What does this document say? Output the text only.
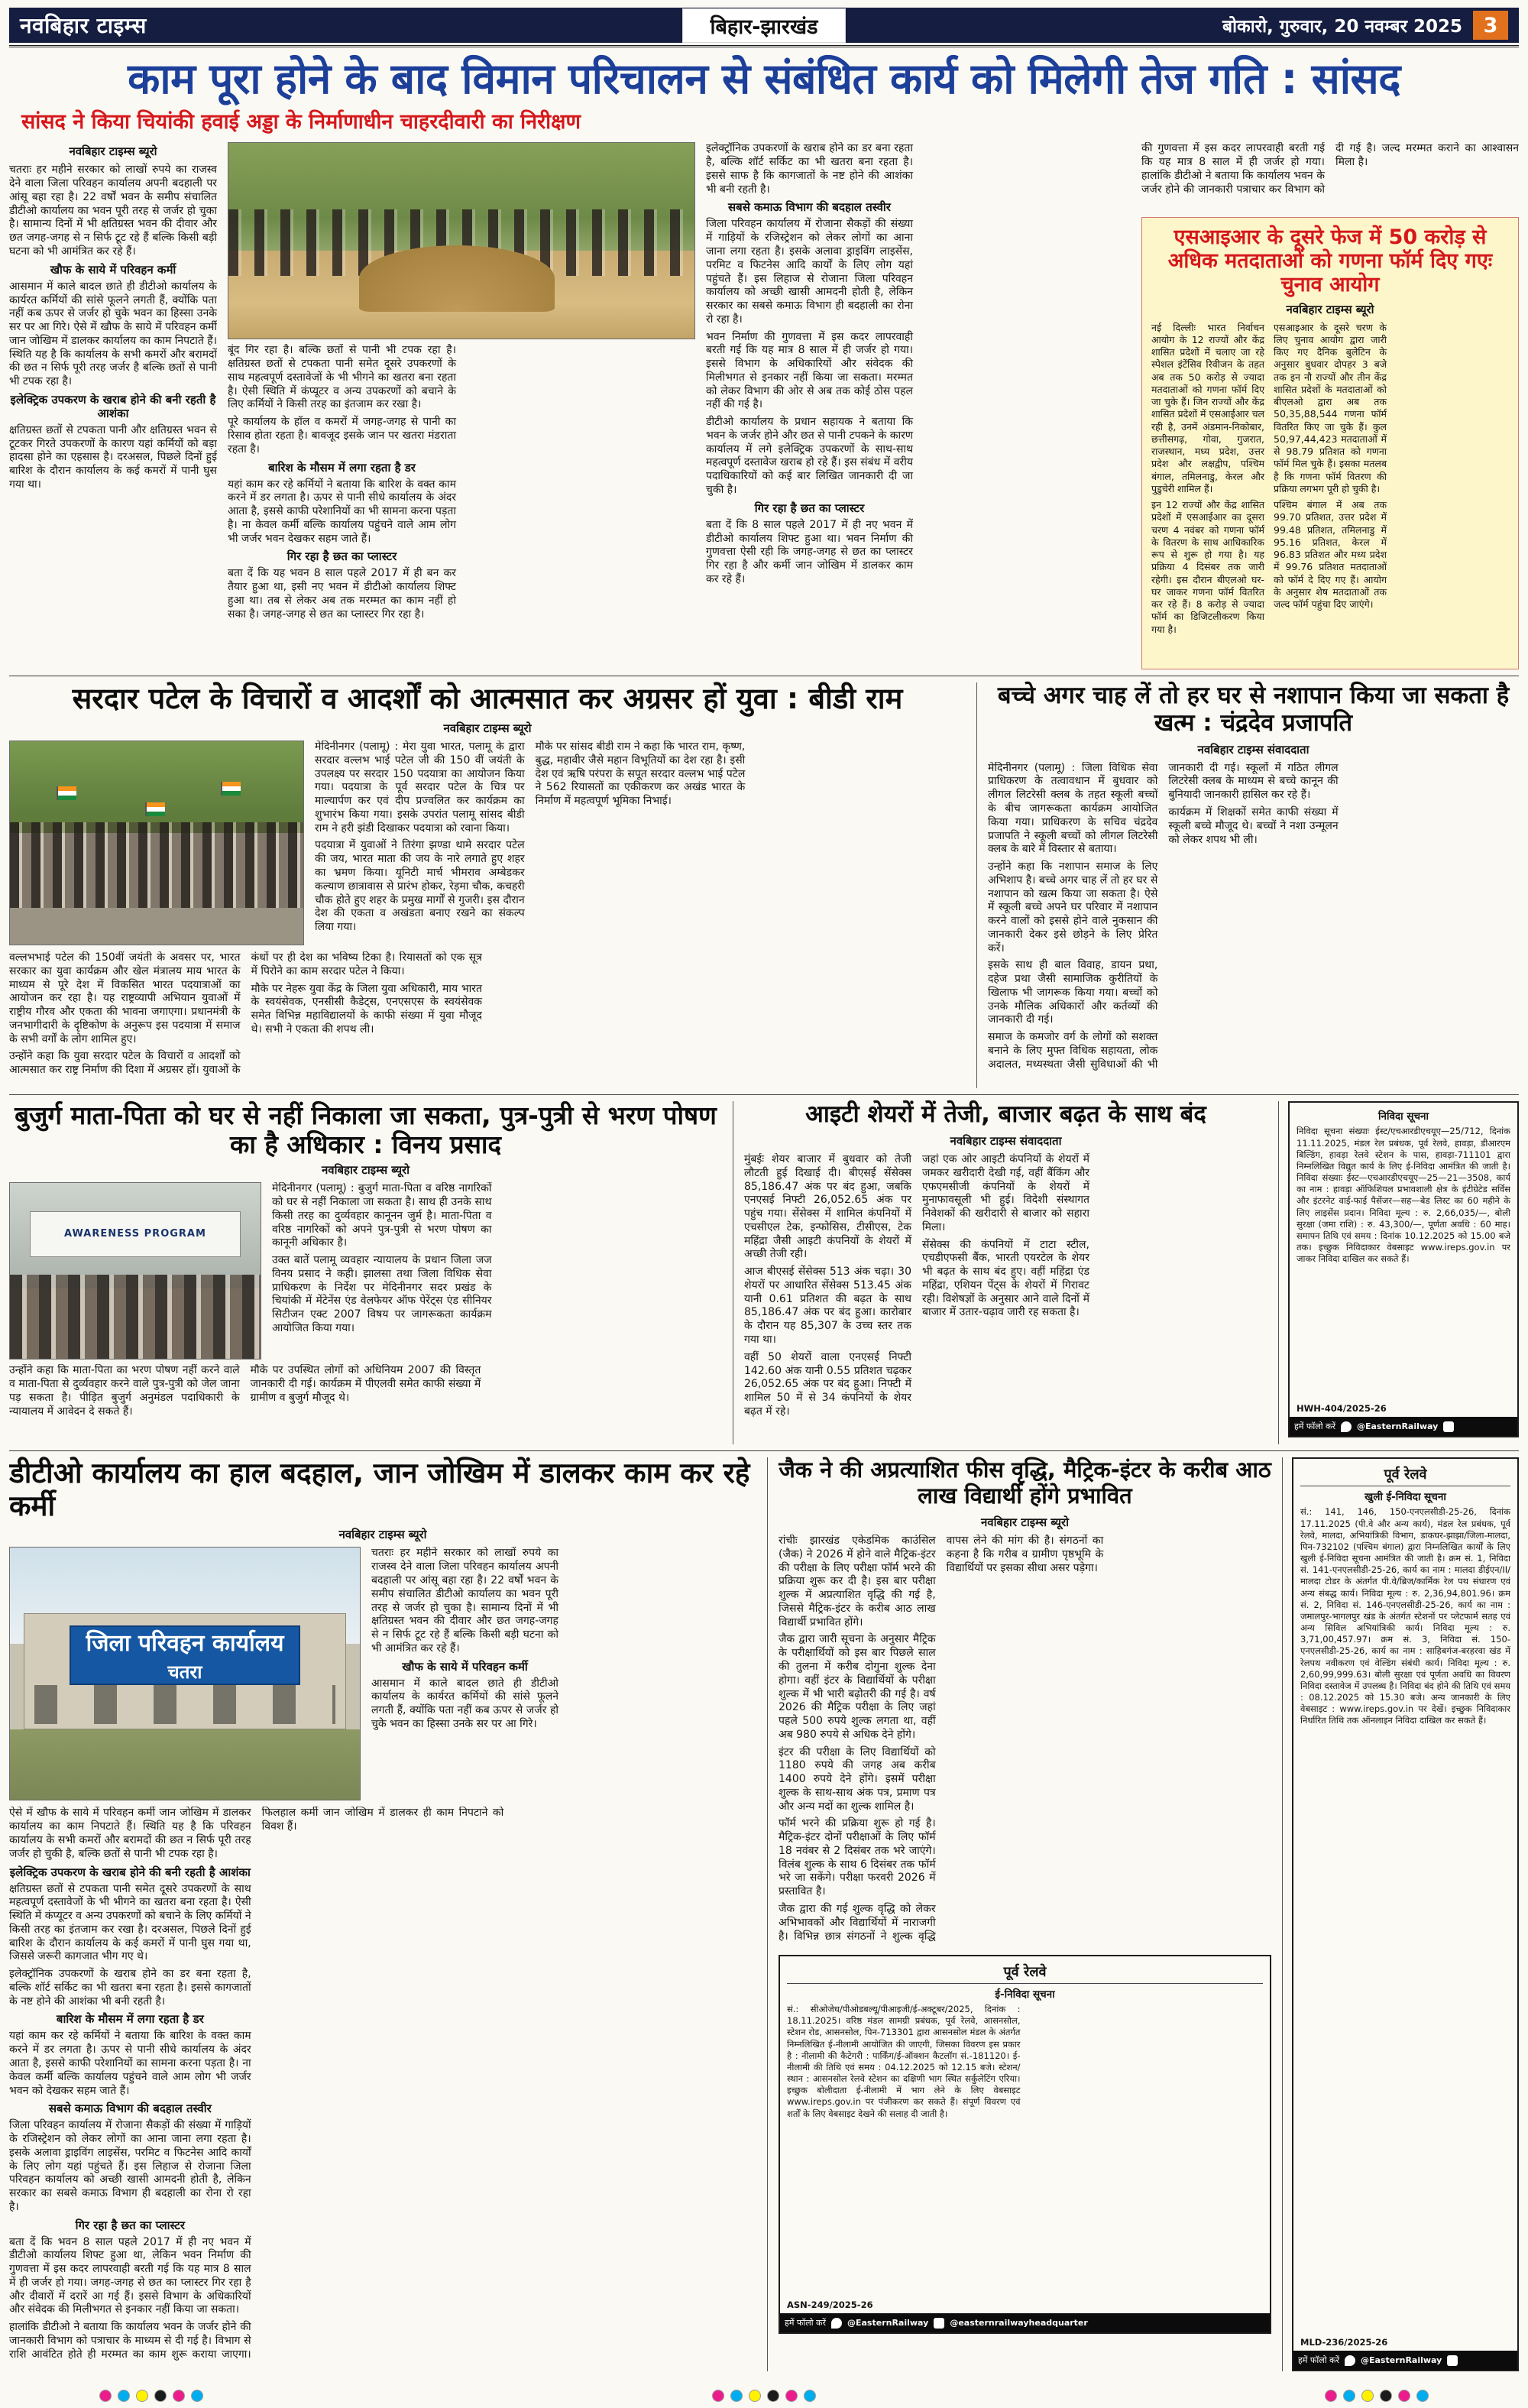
नवबिहार टाइम्स	बिहार-झारखंड	बोकारो, गुरुवार, 20 नवम्बर 2025	3
काम पूरा होने के बाद विमान परिचालन से संबंधित कार्य को मिलेगी तेज गति : सांसद
सांसद ने किया चियांकी हवाई अड्डा के निर्माणाधीन चाहरदीवारी का निरीक्षण
नवबिहार टाइम्स ब्यूरो

चतराः हर महीने सरकार को लाखों रुपये का राजस्व देने वाला जिला परिवहन कार्यालय अपनी बदहाली पर आंसू बहा रहा है। 22 वर्षों भवन के समीप संचालित डीटीओ कार्यालय का भवन पूरी तरह से जर्जर हो चुका है। सामान्य दिनों में भी क्षतिग्रस्त भवन की दीवार और छत जगह-जगह से न सिर्फ टूट रहे हैं बल्कि किसी बड़ी घटना को भी आमंत्रित कर रहे हैं।

खौफ के साये में परिवहन कर्मी

आसमान में काले बादल छाते ही डीटीओ कार्यालय के कार्यरत कर्मियों की सांसे फूलने लगती हैं, क्योंकि पता नहीं कब ऊपर से जर्जर हो चुके भवन का हिस्सा उनके सर पर आ गिरे। ऐसे में खौफ के साये में परिवहन कर्मी जान जोखिम में डालकर कार्यालय का काम निपटाते हैं। स्थिति यह है कि कार्यालय के सभी कमरों और बरामदों की छत न सिर्फ पूरी तरह जर्जर है बल्कि छतों से पानी भी टपक रहा है।

इलेक्ट्रिक उपकरण के खराब होने की बनी रहती है आशंका

क्षतिग्रस्त छतों से टपकता पानी और क्षतिग्रस्त भवन से टूटकर गिरते उपकरणों के कारण यहां कर्मियों को बड़ा हादसा होने का एहसास है। दरअसल, पिछले दिनों हुई बारिश के दौरान कार्यालय के कई कमरों में पानी घुस गया था।

बूंद गिर रहा है। बल्कि छतों से पानी भी टपक रहा है। क्षतिग्रस्त छतों से टपकता पानी समेत दूसरे उपकरणों के साथ महत्वपूर्ण दस्तावेजों के भी भीगने का खतरा बना रहता है। ऐसी स्थिति में कंप्यूटर व अन्य उपकरणों को बचाने के लिए कर्मियों ने किसी तरह का इंतजाम कर रखा है।

पूरे कार्यालय के हॉल व कमरों में जगह-जगह से पानी का रिसाव होता रहता है। बावजूद इसके जान पर खतरा मंडराता रहता है।

बारिश के मौसम में लगा रहता है डर

यहां काम कर रहे कर्मियों ने बताया कि बारिश के वक्त काम करने में डर लगता है। ऊपर से पानी सीधे कार्यालय के अंदर आता है, इससे काफी परेशानियों का भी सामना करना पड़ता है। ना केवल कर्मी बल्कि कार्यालय पहुंचने वाले आम लोग भी जर्जर भवन देखकर सहम जाते हैं।

गिर रहा है छत का प्लास्टर

बता दें कि यह भवन 8 साल पहले 2017 में ही बन कर तैयार हुआ था, इसी नए भवन में डीटीओ कार्यालय शिफ्ट हुआ था। तब से लेकर अब तक मरम्मत का काम नहीं हो सका है। जगह-जगह से छत का प्लास्टर गिर रहा है।

इलेक्ट्रॉनिक उपकरणों के खराब होने का डर बना रहता है, बल्कि शॉर्ट सर्किट का भी खतरा बना रहता है। इससे साफ है कि कागजातों के नष्ट होने की आशंका भी बनी रहती है।

सबसे कमाऊ विभाग की बदहाल तस्वीर

जिला परिवहन कार्यालय में रोजाना सैकड़ों की संख्या में गाड़ियों के रजिस्ट्रेशन को लेकर लोगों का आना जाना लगा रहता है। इसके अलावा ड्राइविंग लाइसेंस, परमिट व फिटनेस आदि कार्यों के लिए लोग यहां पहुंचते हैं। इस लिहाज से रोजाना जिला परिवहन कार्यालय को अच्छी खासी आमदनी होती है, लेकिन सरकार का सबसे कमाऊ विभाग ही बदहाली का रोना रो रहा है।

भवन निर्माण की गुणवत्ता में इस कदर लापरवाही बरती गई कि यह मात्र 8 साल में ही जर्जर हो गया। इससे विभाग के अधिकारियों और संवेदक की मिलीभगत से इनकार नहीं किया जा सकता। मरम्मत को लेकर विभाग की ओर से अब तक कोई ठोस पहल नहीं की गई है।

डीटीओ कार्यालय के प्रधान सहायक ने बताया कि भवन के जर्जर होने और छत से पानी टपकने के कारण कार्यालय में लगे इलेक्ट्रिक उपकरणों के साथ-साथ महत्वपूर्ण दस्तावेज खराब हो रहे हैं। इस संबंध में वरीय पदाधिकारियों को कई बार लिखित जानकारी दी जा चुकी है।

गिर रहा है छत का प्लास्टर

बता दें कि 8 साल पहले 2017 में ही नए भवन में डीटीओ कार्यालय शिफ्ट हुआ था। भवन निर्माण की गुणवत्ता ऐसी रही कि जगह-जगह से छत का प्लास्टर गिर रहा है और कर्मी जान जोखिम में डालकर काम कर रहे हैं।

की गुणवत्ता में इस कदर लापरवाही बरती गई कि यह मात्र 8 साल में ही जर्जर हो गया। हालांकि डीटीओ ने बताया कि कार्यालय भवन के जर्जर होने की जानकारी पत्राचार कर विभाग को दी गई है। जल्द मरम्मत कराने का आश्वासन मिला है।

एसआइआर के दूसरे फेज में 50 करोड़ से अधिक मतदाताओं को गणना फॉर्म दिए गएः चुनाव आयोग
नवबिहार टाइम्स ब्यूरो

नई दिल्लीः भारत निर्वाचन आयोग के 12 राज्यों और केंद्र शासित प्रदेशों में चलाए जा रहे स्पेशल इंटेंसिव रिवीजन के तहत अब तक 50 करोड़ से ज्यादा मतदाताओं को गणना फॉर्म दिए जा चुके हैं। जिन राज्यों और केंद्र शासित प्रदेशों में एसआईआर चल रही है, उनमें अंडमान-निकोबार, छत्तीसगढ़, गोवा, गुजरात, राजस्थान, मध्य प्रदेश, उत्तर प्रदेश और लक्षद्वीप, पश्चिम बंगाल, तमिलनाडु, केरल और पुडुचेरी शामिल हैं।

इन 12 राज्यों और केंद्र शासित प्रदेशों में एसआईआर का दूसरा चरण 4 नवंबर को गणना फॉर्म के वितरण के साथ आधिकारिक रूप से शुरू हो गया है। यह प्रक्रिया 4 दिसंबर तक जारी रहेगी। इस दौरान बीएलओ घर-घर जाकर गणना फॉर्म वितरित कर रहे हैं। 8 करोड़ से ज्यादा फॉर्म का डिजिटलीकरण किया गया है।

एसआइआर के दूसरे चरण के लिए चुनाव आयोग द्वारा जारी किए गए दैनिक बुलेटिन के अनुसार बुधवार दोपहर 3 बजे तक इन नौ राज्यों और तीन केंद्र शासित प्रदेशों के मतदाताओं को बीएलओ द्वारा अब तक 50,35,88,544 गणना फॉर्म वितरित किए जा चुके हैं। कुल 50,97,44,423 मतदाताओं में से 98.79 प्रतिशत को गणना फॉर्म मिल चुके हैं। इसका मतलब है कि गणना फॉर्म वितरण की प्रक्रिया लगभग पूरी हो चुकी है।

पश्चिम बंगाल में अब तक 99.70 प्रतिशत, उत्तर प्रदेश में 99.48 प्रतिशत, तमिलनाडु में 95.16 प्रतिशत, केरल में 96.83 प्रतिशत और मध्य प्रदेश में 99.76 प्रतिशत मतदाताओं को फॉर्म दे दिए गए हैं। आयोग के अनुसार शेष मतदाताओं तक जल्द फॉर्म पहुंचा दिए जाएंगे।

सरदार पटेल के विचारों व आदर्शों को आत्मसात कर अग्रसर हों युवा : बीडी राम
नवबिहार टाइम्स ब्यूरो

मेदिनीनगर (पलामू) : मेरा युवा भारत, पलामू के द्वारा सरदार वल्लभ भाई पटेल जी की 150 वीं जयंती के उपलक्ष्य पर सरदार 150 पदयात्रा का आयोजन किया गया। पदयात्रा के पूर्व सरदार पटेल के चित्र पर माल्यार्पण कर एवं दीप प्रज्वलित कर कार्यक्रम का शुभारंभ किया गया। इसके उपरांत पलामू सांसद बीडी राम ने हरी झंडी दिखाकर पदयात्रा को रवाना किया।

पदयात्रा में युवाओं ने तिरंगा झण्डा थामे सरदार पटेल की जय, भारत माता की जय के नारे लगाते हुए शहर का भ्रमण किया। यूनिटी मार्च भीमराव अम्बेडकर कल्याण छात्रावास से प्रारंभ होकर, रेड़मा चौक, कचहरी चौक होते हुए शहर के प्रमुख मार्गों से गुजरी। इस दौरान देश की एकता व अखंडता बनाए रखने का संकल्प लिया गया।

मौके पर सांसद बीडी राम ने कहा कि भारत राम, कृष्ण, बुद्ध, महावीर जैसे महान विभूतियों का देश रहा है। इसी देश एवं ऋषि परंपरा के सपूत सरदार वल्लभ भाई पटेल ने 562 रियासतों का एकीकरण कर अखंड भारत के निर्माण में महत्वपूर्ण भूमिका निभाई।

वल्लभभाई पटेल की 150वीं जयंती के अवसर पर, भारत सरकार का युवा कार्यक्रम और खेल मंत्रालय माय भारत के माध्यम से पूरे देश में विकसित भारत पदयात्राओं का आयोजन कर रहा है। यह राष्ट्रव्यापी अभियान युवाओं में राष्ट्रीय गौरव और एकता की भावना जगाएगा। प्रधानमंत्री के जनभागीदारी के दृष्टिकोण के अनुरूप इस पदयात्रा में समाज के सभी वर्गों के लोग शामिल हुए।

उन्होंने कहा कि युवा सरदार पटेल के विचारों व आदर्शों को आत्मसात कर राष्ट्र निर्माण की दिशा में अग्रसर हों। युवाओं के कंधों पर ही देश का भविष्य टिका है। रियासतों को एक सूत्र में पिरोने का काम सरदार पटेल ने किया।

मौके पर नेहरू युवा केंद्र के जिला युवा अधिकारी, माय भारत के स्वयंसेवक, एनसीसी कैडेट्स, एनएसएस के स्वयंसेवक समेत विभिन्न महाविद्यालयों के काफी संख्या में युवा मौजूद थे। सभी ने एकता की शपथ ली।

बच्चे अगर चाह लें तो हर घर से नशापान किया जा सकता है खत्म : चंद्रदेव प्रजापति
नवबिहार टाइम्स संवाददाता

मेदिनीनगर (पलामू) : जिला विधिक सेवा प्राधिकरण के तत्वावधान में बुधवार को लीगल लिटरेसी क्लब के तहत स्कूली बच्चों के बीच जागरूकता कार्यक्रम आयोजित किया गया। प्राधिकरण के सचिव चंद्रदेव प्रजापति ने स्कूली बच्चों को लीगल लिटरेसी क्लब के बारे में विस्तार से बताया।

उन्होंने कहा कि नशापान समाज के लिए अभिशाप है। बच्चे अगर चाह लें तो हर घर से नशापान को खत्म किया जा सकता है। ऐसे में स्कूली बच्चे अपने घर परिवार में नशापान करने वालों को इससे होने वाले नुकसान की जानकारी देकर इसे छोड़ने के लिए प्रेरित करें।

इसके साथ ही बाल विवाह, डायन प्रथा, दहेज प्रथा जैसी सामाजिक कुरीतियों के खिलाफ भी जागरूक किया गया। बच्चों को उनके मौलिक अधिकारों और कर्तव्यों की जानकारी दी गई।

समाज के कमजोर वर्ग के लोगों को सशक्त बनाने के लिए मुफ्त विधिक सहायता, लोक अदालत, मध्यस्थता जैसी सुविधाओं की भी जानकारी दी गई। स्कूलों में गठित लीगल लिटरेसी क्लब के माध्यम से बच्चे कानून की बुनियादी जानकारी हासिल कर रहे हैं।

कार्यक्रम में शिक्षकों समेत काफी संख्या में स्कूली बच्चे मौजूद थे। बच्चों ने नशा उन्मूलन को लेकर शपथ भी ली।

बुजुर्ग माता-पिता को घर से नहीं निकाला जा सकता, पुत्र-पुत्री से भरण पोषण का है अधिकार : विनय प्रसाद
नवबिहार टाइम्स ब्यूरो
AWARENESS PROGRAM

मेदिनीनगर (पलामू) : बुजुर्ग माता-पिता व वरिष्ठ नागरिकों को घर से नहीं निकाला जा सकता है। साथ ही उनके साथ किसी तरह का दुर्व्यवहार कानूनन जुर्म है। माता-पिता व वरिष्ठ नागरिकों को अपने पुत्र-पुत्री से भरण पोषण का कानूनी अधिकार है।

उक्त बातें पलामू व्यवहार न्यायालय के प्रधान जिला जज विनय प्रसाद ने कही। झालसा तथा जिला विधिक सेवा प्राधिकरण के निर्देश पर मेदिनीनगर सदर प्रखंड के चियांकी में मेंटेनेंस एंड वेलफेयर ऑफ पेरेंट्स एंड सीनियर सिटीजन एक्ट 2007 विषय पर जागरूकता कार्यक्रम आयोजित किया गया।

उन्होंने कहा कि माता-पिता का भरण पोषण नहीं करने वाले व माता-पिता से दुर्व्यवहार करने वाले पुत्र-पुत्री को जेल जाना पड़ सकता है। पीड़ित बुजुर्ग अनुमंडल पदाधिकारी के न्यायालय में आवेदन दे सकते हैं।

मौके पर उपस्थित लोगों को अधिनियम 2007 की विस्तृत जानकारी दी गई। कार्यक्रम में पीएलवी समेत काफी संख्या में ग्रामीण व बुजुर्ग मौजूद थे।

आइटी शेयरों में तेजी, बाजार बढ़त के साथ बंद
नवबिहार टाइम्स संवाददाता

मुंबईः शेयर बाजार में बुधवार को तेजी लौटती हुई दिखाई दी। बीएसई सेंसेक्स 85,186.47 अंक पर बंद हुआ, जबकि एनएसई निफ्टी 26,052.65 अंक पर पहुंच गया। सेंसेक्स में शामिल कंपनियों में एचसीएल टेक, इन्फोसिस, टीसीएस, टेक महिंद्रा जैसी आइटी कंपनियों के शेयरों में अच्छी तेजी रही।

आज बीएसई सेंसेक्स 513 अंक चढ़ा। 30 शेयरों पर आधारित सेंसेक्स 513.45 अंक यानी 0.61 प्रतिशत की बढ़त के साथ 85,186.47 अंक पर बंद हुआ। कारोबार के दौरान यह 85,307 के उच्च स्तर तक गया था।

वहीं 50 शेयरों वाला एनएसई निफ्टी 142.60 अंक यानी 0.55 प्रतिशत चढ़कर 26,052.65 अंक पर बंद हुआ। निफ्टी में शामिल 50 में से 34 कंपनियों के शेयर बढ़त में रहे।

जहां एक ओर आइटी कंपनियों के शेयरों में जमकर खरीदारी देखी गई, वहीं बैंकिंग और एफएमसीजी कंपनियों के शेयरों में मुनाफावसूली भी हुई। विदेशी संस्थागत निवेशकों की खरीदारी से बाजार को सहारा मिला।

सेंसेक्स की कंपनियों में टाटा स्टील, एचडीएफसी बैंक, भारती एयरटेल के शेयर भी बढ़त के साथ बंद हुए। वहीं महिंद्रा एंड महिंद्रा, एशियन पेंट्स के शेयरों में गिरावट रही। विशेषज्ञों के अनुसार आने वाले दिनों में बाजार में उतार-चढ़ाव जारी रह सकता है।

निविदा सूचना
निविदा सूचना संख्याः ईस्ट/एचआरडीएचयूए—25/712, दिनांक 11.11.2025, मंडल रेल प्रबंधक, पूर्व रेलवे, हावड़ा, डीआरएम बिल्डिंग, हावड़ा रेलवे स्टेशन के पास, हावड़ा-711101 द्वारा निम्नलिखित विद्युत कार्य के लिए ई-निविदा आमंत्रित की जाती है। निविदा संख्याः ईस्ट—एचआरडीएचयूए—25—21—3508, कार्य का नाम : हावड़ा ऑफिशियल प्रभावशाली क्षेत्र के इंटीग्रेटेड सर्विस और इंटरनेट वाई-फाई पैसेंजर—सह—बेड लिस्ट का 60 महीने के लिए लाइसेंस प्रदान। निविदा मूल्य : रु. 2,66,035/—, बोली सुरक्षा (जमा राशि) : रु. 43,300/—, पूर्णता अवधि : 60 माह। समापन तिथि एवं समय : दिनांक 10.12.2025 को 15.00 बजे तक। इच्छुक निविदाकार वेबसाइट www.ireps.gov.in पर जाकर निविदा दाखिल कर सकते हैं।
HWH-404/2025-26
हमें फॉलो करें	@EasternRailway
डीटीओ कार्यालय का हाल बदहाल, जान जोखिम में डालकर काम कर रहे कर्मी
नवबिहार टाइम्स ब्यूरो
जिला परिवहन कार्यालय
चतरा

चतराः हर महीने सरकार को लाखों रुपये का राजस्व देने वाला जिला परिवहन कार्यालय अपनी बदहाली पर आंसू बहा रहा है। 22 वर्षों भवन के समीप संचालित डीटीओ कार्यालय का भवन पूरी तरह से जर्जर हो चुका है। सामान्य दिनों में भी क्षतिग्रस्त भवन की दीवार और छत जगह-जगह से न सिर्फ टूट रहे हैं बल्कि किसी बड़ी घटना को भी आमंत्रित कर रहे हैं।

खौफ के साये में परिवहन कर्मी

आसमान में काले बादल छाते ही डीटीओ कार्यालय के कार्यरत कर्मियों की सांसे फूलने लगती हैं, क्योंकि पता नहीं कब ऊपर से जर्जर हो चुके भवन का हिस्सा उनके सर पर आ गिरे।

ऐसे में खौफ के साये में परिवहन कर्मी जान जोखिम में डालकर कार्यालय का काम निपटाते हैं। स्थिति यह है कि परिवहन कार्यालय के सभी कमरों और बरामदों की छत न सिर्फ पूरी तरह जर्जर हो चुकी है, बल्कि छतों से पानी भी टपक रहा है।

इलेक्ट्रिक उपकरण के खराब होने की बनी रहती है आशंका

क्षतिग्रस्त छतों से टपकता पानी समेत दूसरे उपकरणों के साथ महत्वपूर्ण दस्तावेजों के भी भीगने का खतरा बना रहता है। ऐसी स्थिति में कंप्यूटर व अन्य उपकरणों को बचाने के लिए कर्मियों ने किसी तरह का इंतजाम कर रखा है। दरअसल, पिछले दिनों हुई बारिश के दौरान कार्यालय के कई कमरों में पानी घुस गया था, जिससे जरूरी कागजात भीग गए थे।

इलेक्ट्रॉनिक उपकरणों के खराब होने का डर बना रहता है, बल्कि शॉर्ट सर्किट का भी खतरा बना रहता है। इससे कागजातों के नष्ट होने की आशंका भी बनी रहती है।

बारिश के मौसम में लगा रहता है डर

यहां काम कर रहे कर्मियों ने बताया कि बारिश के वक्त काम करने में डर लगता है। ऊपर से पानी सीधे कार्यालय के अंदर आता है, इससे काफी परेशानियों का सामना करना पड़ता है। ना केवल कर्मी बल्कि कार्यालय पहुंचने वाले आम लोग भी जर्जर भवन को देखकर सहम जाते हैं।

सबसे कमाऊ विभाग की बदहाल तस्वीर

जिला परिवहन कार्यालय में रोजाना सैकड़ों की संख्या में गाड़ियों के रजिस्ट्रेशन को लेकर लोगों का आना जाना लगा रहता है। इसके अलावा ड्राइविंग लाइसेंस, परमिट व फिटनेस आदि कार्यों के लिए लोग यहां पहुंचते हैं। इस लिहाज से रोजाना जिला परिवहन कार्यालय को अच्छी खासी आमदनी होती है, लेकिन सरकार का सबसे कमाऊ विभाग ही बदहाली का रोना रो रहा है।

गिर रहा है छत का प्लास्टर

बता दें कि भवन 8 साल पहले 2017 में ही नए भवन में डीटीओ कार्यालय शिफ्ट हुआ था, लेकिन भवन निर्माण की गुणवत्ता में इस कदर लापरवाही बरती गई कि यह मात्र 8 साल में ही जर्जर हो गया। जगह-जगह से छत का प्लास्टर गिर रहा है और दीवारों में दरारें आ गई हैं। इससे विभाग के अधिकारियों और संवेदक की मिलीभगत से इनकार नहीं किया जा सकता।

हालांकि डीटीओ ने बताया कि कार्यालय भवन के जर्जर होने की जानकारी विभाग को पत्राचार के माध्यम से दी गई है। विभाग से राशि आवंटित होते ही मरम्मत का काम शुरू कराया जाएगा। फिलहाल कर्मी जान जोखिम में डालकर ही काम निपटाने को विवश हैं।

जैक ने की अप्रत्याशित फीस वृद्धि, मैट्रिक-इंटर के करीब आठ लाख विद्यार्थी होंगे प्रभावित
नवबिहार टाइम्स ब्यूरो

रांचीः झारखंड एकेडमिक काउंसिल (जैक) ने 2026 में होने वाले मैट्रिक-इंटर की परीक्षा के लिए परीक्षा फॉर्म भरने की प्रक्रिया शुरू कर दी है। इस बार परीक्षा शुल्क में अप्रत्याशित वृद्धि की गई है, जिससे मैट्रिक-इंटर के करीब आठ लाख विद्यार्थी प्रभावित होंगे।

जैक द्वारा जारी सूचना के अनुसार मैट्रिक के परीक्षार्थियों को इस बार पिछले साल की तुलना में करीब दोगुना शुल्क देना होगा। वहीं इंटर के विद्यार्थियों के परीक्षा शुल्क में भी भारी बढ़ोतरी की गई है। वर्ष 2026 की मैट्रिक परीक्षा के लिए जहां पहले 500 रुपये शुल्क लगता था, वहीं अब 980 रुपये से अधिक देने होंगे।

इंटर की परीक्षा के लिए विद्यार्थियों को 1180 रुपये की जगह अब करीब 1400 रुपये देने होंगे। इसमें परीक्षा शुल्क के साथ-साथ अंक पत्र, प्रमाण पत्र और अन्य मदों का शुल्क शामिल है।

फॉर्म भरने की प्रक्रिया शुरू हो गई है। मैट्रिक-इंटर दोनों परीक्षाओं के लिए फॉर्म 18 नवंबर से 2 दिसंबर तक भरे जाएंगे। विलंब शुल्क के साथ 6 दिसंबर तक फॉर्म भरे जा सकेंगे। परीक्षा फरवरी 2026 में प्रस्तावित है।

जैक द्वारा की गई शुल्क वृद्धि को लेकर अभिभावकों और विद्यार्थियों में नाराजगी है। विभिन्न छात्र संगठनों ने शुल्क वृद्धि वापस लेने की मांग की है। संगठनों का कहना है कि गरीब व ग्रामीण पृष्ठभूमि के विद्यार्थियों पर इसका सीधा असर पड़ेगा।

पूर्व रेलवे
ई-निविदा सूचना
सं.: सीओजेध/पीओडबल्यू/पीआइजी/ई-अक्टूबर/2025, दिनांक : 18.11.2025। वरिष्ठ मंडल सामग्री प्रबंधक, पूर्व रेलवे, आसनसोल, स्टेशन रोड, आसनसोल, पिन-713301 द्वारा आसनसोल मंडल के अंतर्गत निम्नलिखित ई-नीलामी आयोजित की जाएगी, जिसका विवरण इस प्रकार है : नीलामी की कैटेगरी : पार्किंग/ई-ऑक्शन कैटलॉग सं.-181120। ई-नीलामी की तिथि एवं समय : 04.12.2025 को 12.15 बजे। स्टेशन/स्थान : आसनसोल रेलवे स्टेशन का दक्षिणी भाग स्थित सर्कुलेटिंग एरिया। इच्छुक बोलीदाता ई-नीलामी में भाग लेने के लिए वेबसाइट www.ireps.gov.in पर पंजीकरण कर सकते हैं। संपूर्ण विवरण एवं शर्तों के लिए वेबसाइट देखने की सलाह दी जाती है।
ASN-249/2025-26
हमें फॉलो करें	@EasternRailway	@easternrailwayheadquarter
पूर्व रेलवे
खुली ई-निविदा सूचना
सं.: 141, 146, 150-एनएलसीडी-25-26, दिनांक 17.11.2025 (पी.वे और अन्य कार्य), मंडल रेल प्रबंधक, पूर्व रेलवे, मालदा, अभियांत्रिकी विभाग, डाकघर-झाझा/जिला-मालदा, पिन-732102 (पश्चिम बंगाल) द्वारा निम्नलिखित कार्यों के लिए खुली ई-निविदा सूचना आमंत्रित की जाती है। क्रम सं. 1, निविदा सं. 141-एनएलसीडी-25-26, कार्य का नाम : मालदा डीईएन/II/मालदा टोडर के अंतर्गत पी.वे/ब्रिज/कार्मिक रेल पथ संधारण एवं अन्य संबद्ध कार्य। निविदा मूल्य : रु. 2,36,94,801.96। क्रम सं. 2, निविदा सं. 146-एनएलसीडी-25-26, कार्य का नाम : जमालपुर-भागलपुर खंड के अंतर्गत स्टेशनों पर प्लेटफार्म सतह एवं अन्य सिविल अभियांत्रिकी कार्य। निविदा मूल्य : रु. 3,71,00,457.97। क्रम सं. 3, निविदा सं. 150-एनएलसीडी-25-26, कार्य का नाम : साहिबगंज-बरहरवा खंड में रेलपथ नवीकरण एवं वेल्डिंग संबंधी कार्य। निविदा मूल्य : रु. 2,60,99,999.63। बोली सुरक्षा एवं पूर्णता अवधि का विवरण निविदा दस्तावेज में उपलब्ध है। निविदा बंद होने की तिथि एवं समय : 08.12.2025 को 15.30 बजे। अन्य जानकारी के लिए वेबसाइट : www.ireps.gov.in पर देखें। इच्छुक निविदाकार निर्धारित तिथि तक ऑनलाइन निविदा दाखिल कर सकते हैं।
MLD-236/2025-26
हमें फॉलो करें	@EasternRailway
